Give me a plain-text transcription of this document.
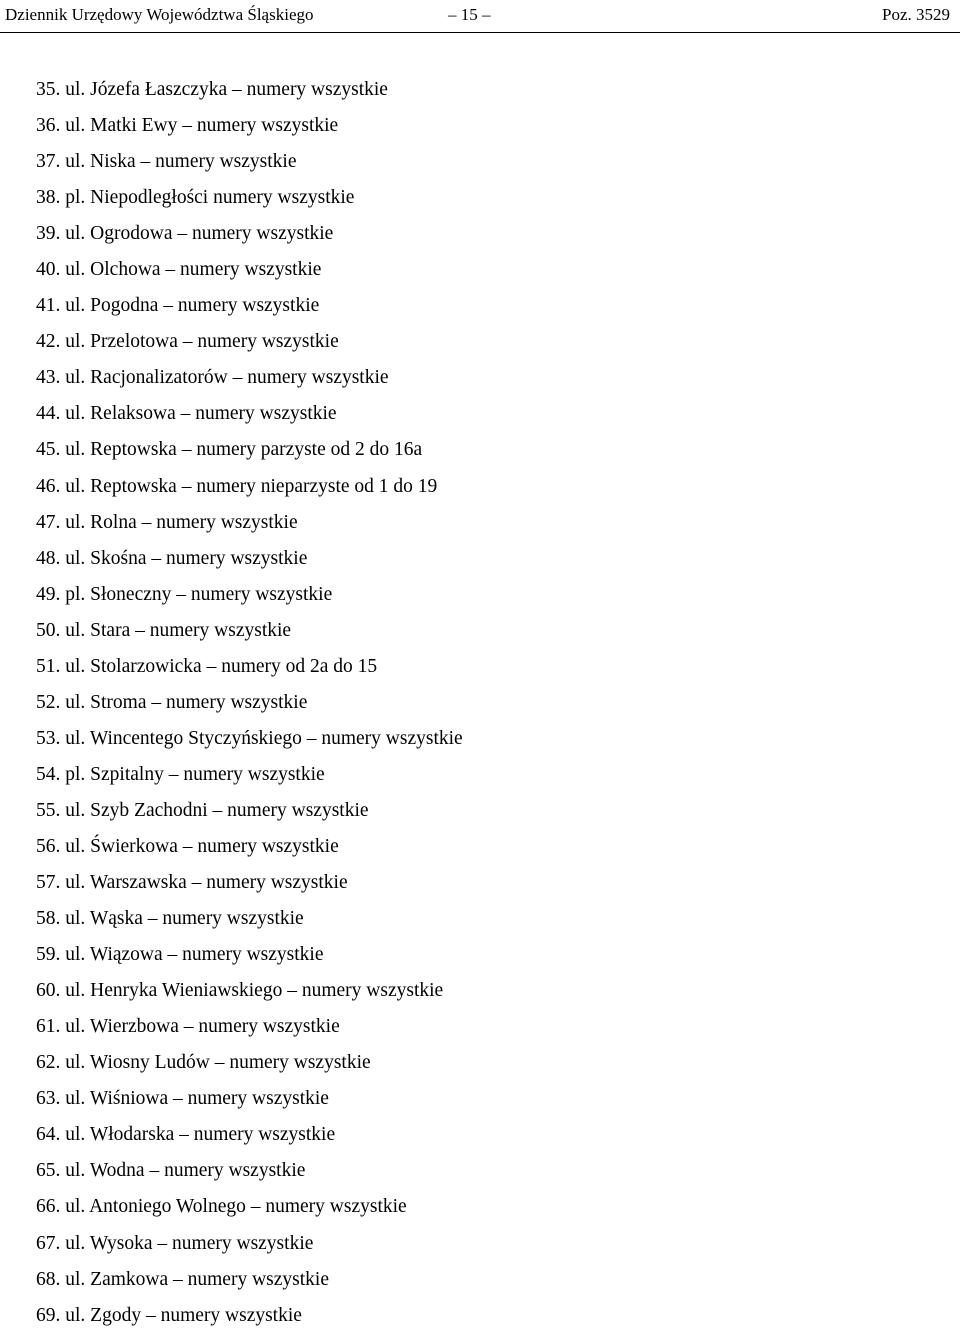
Dziennik Urzędowy Województwa Śląskiego	– 15 –	Poz. 3529
35. ul. Józefa Łaszczyka – numery wszystkie
36. ul. Matki Ewy – numery wszystkie
37. ul. Niska – numery wszystkie
38. pl. Niepodległości numery wszystkie
39. ul. Ogrodowa – numery wszystkie
40. ul. Olchowa – numery wszystkie
41. ul. Pogodna – numery wszystkie
42. ul. Przelotowa – numery wszystkie
43. ul. Racjonalizatorów – numery wszystkie
44. ul. Relaksowa – numery wszystkie
45. ul. Reptowska – numery parzyste od 2 do 16a
46. ul. Reptowska – numery nieparzyste od 1 do 19
47. ul. Rolna – numery wszystkie
48. ul. Skośna – numery wszystkie
49. pl. Słoneczny – numery wszystkie
50. ul. Stara – numery wszystkie
51. ul. Stolarzowicka – numery od 2a do 15
52. ul. Stroma – numery wszystkie
53. ul. Wincentego Styczyńskiego – numery wszystkie
54. pl. Szpitalny – numery wszystkie
55. ul. Szyb Zachodni – numery wszystkie
56. ul. Świerkowa – numery wszystkie
57. ul. Warszawska – numery wszystkie
58. ul. Wąska – numery wszystkie
59. ul. Wiązowa – numery wszystkie
60. ul. Henryka Wieniawskiego – numery wszystkie
61. ul. Wierzbowa – numery wszystkie
62. ul. Wiosny Ludów – numery wszystkie
63. ul. Wiśniowa – numery wszystkie
64. ul. Włodarska – numery wszystkie
65. ul. Wodna – numery wszystkie
66. ul. Antoniego Wolnego – numery wszystkie
67. ul. Wysoka – numery wszystkie
68. ul. Zamkowa – numery wszystkie
69. ul. Zgody – numery wszystkie
